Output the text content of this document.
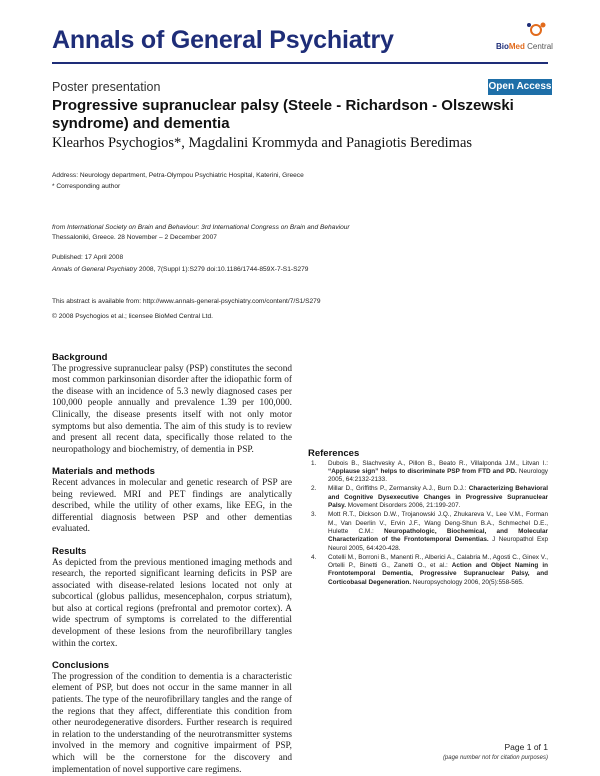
Annals of General Psychiatry	BioMed Central
Poster presentation	Open Access
Progressive supranuclear palsy (Steele - Richardson - Olszewski syndrome) and dementia
Klearhos Psychogios*, Magdalini Krommyda and Panagiotis Beredimas
Address: Neurology department, Petra-Olympou Psychiatric Hospital, Katerini, Greece
* Corresponding author
from International Society on Brain and Behaviour: 3rd International Congress on Brain and Behaviour
Thessaloniki, Greece. 28 November – 2 December 2007
Published: 17 April 2008
Annals of General Psychiatry 2008, 7(Suppl 1):S279 doi:10.1186/1744-859X-7-S1-S279
This abstract is available from: http://www.annals-general-psychiatry.com/content/7/S1/S279
© 2008 Psychogios et al.; licensee BioMed Central Ltd.
Background

The progressive supranuclear palsy (PSP) constitutes the second most common parkinsonian disorder after the idiopathic form of the disease with an incidence of 5.3 newly diagnosed cases per 100,000 people annually and prevalence 1.39 per 100,000. Clinically, the disease presents itself with not only motor symptoms but also dementia. The aim of this study is to review and present all recent data, specifically those related to the neuropathology and biochemistry, of dementia in PSP.

Materials and methods

Recent advances in molecular and genetic research of PSP are being reviewed. MRI and PET findings are analytically described, while the utility of other exams, like EEG, in the differential diagnosis between PSP and other dementias evaluated.

Results

As depicted from the previous mentioned imaging methods and research, the reported significant learning deficits in PSP are associated with disease-related lesions located not only at subcortical (globus pallidus, mesencephalon, corpus striatum), but also at cortical regions (prefrontal and premotor cortex). A wide spectrum of symptoms is correlated to the differential development of these lesions from the neurofibrillary tangles within the cortex.

Conclusions

The progression of the condition to dementia is a characteristic element of PSP, but does not occur in the same manner in all patients. The type of the neurofibrillary tangles and the range of the regions that they affect, differentiate this condition from other neurodegenerative disorders. Further research is required in relation to the understanding of the neurotransmitter systems involved in the memory and cognitive impairment of PSP, which will be the cornerstone for the discovery and implementation of novel supportive care regimens.

References
1. Dubois B., Slachvesky A., Pillon B., Beato R., Villalponda J.M., Litvan I.: “Applause sign” helps to discriminate PSP from FTD and PD. Neurology 2005, 64:2132-2133.
2. Millar D., Griffiths P., Zermansky A.J., Burn D.J.: Characterizing Behavioral and Cognitive Dysexecutive Changes in Progressive Supranuclear Palsy. Movement Disorders 2006, 21:199-207.
3. Mott R.T., Dickson D.W., Trojanowski J.Q., Zhukareva V., Lee V.M., Forman M., Van Deerlin V., Ervin J.F., Wang Deng-Shun B.A., Schmechel D.E., Hulette C.M.: Neuropathologic, Biochemical, and Molecular Characterization of the Frontotemporal Dementias. J Neuropathol Exp Neurol 2005, 64:420-428.
4. Cotelli M., Borroni B., Manenti R., Alberici A., Calabria M., Agosti C., Ginex V., Ortelli P., Binetti G., Zanetti O., et al.: Action and Object Naming in Frontotemporal Dementia, Progressive Supranuclear Palsy, and Corticobasal Degeneration. Neuropsychology 2006, 20(5):558-565.
Page 1 of 1
(page number not for citation purposes)
